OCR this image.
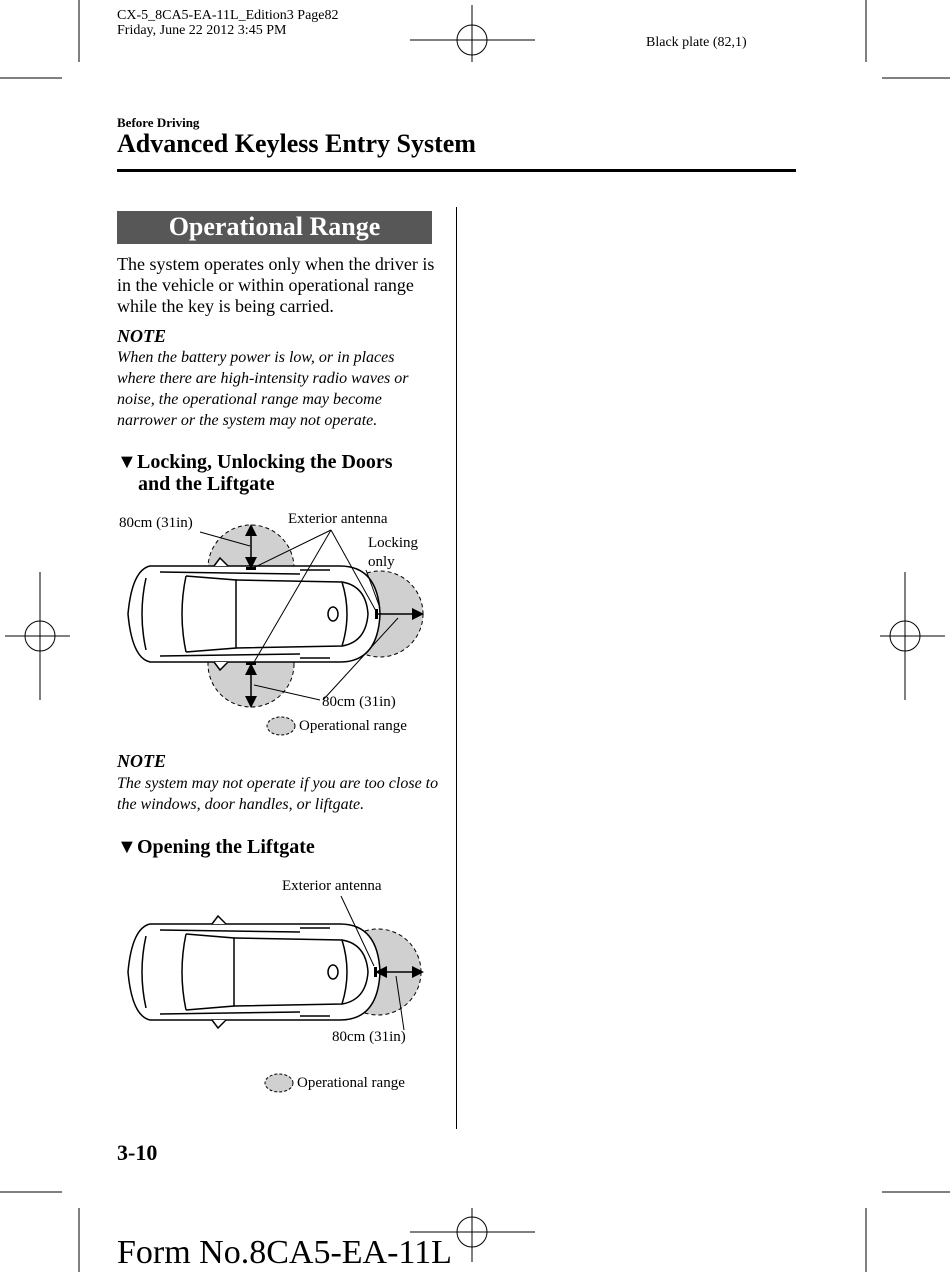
CX-5_8CA5-EA-11L_Edition3 Page82
Friday, June 22 2012 3:45 PM
Black plate (82,1)
Before Driving
Advanced Keyless Entry System
Operational Range
The system operates only when the driver is in the vehicle or within operational range while the key is being carried.
NOTE
When the battery power is low, or in places where there are high-intensity radio waves or noise, the operational range may become narrower or the system may not operate.
▼Locking, Unlocking the Doors
and the Liftgate
80cm (31in)	Exterior antenna
Locking
only
80cm (31in)
Operational range
NOTE
The system may not operate if you are too close to the windows, door handles, or liftgate.
▼Opening the Liftgate
Exterior antenna
80cm (31in)
Operational range
3-10
Form No.8CA5-EA-11L
